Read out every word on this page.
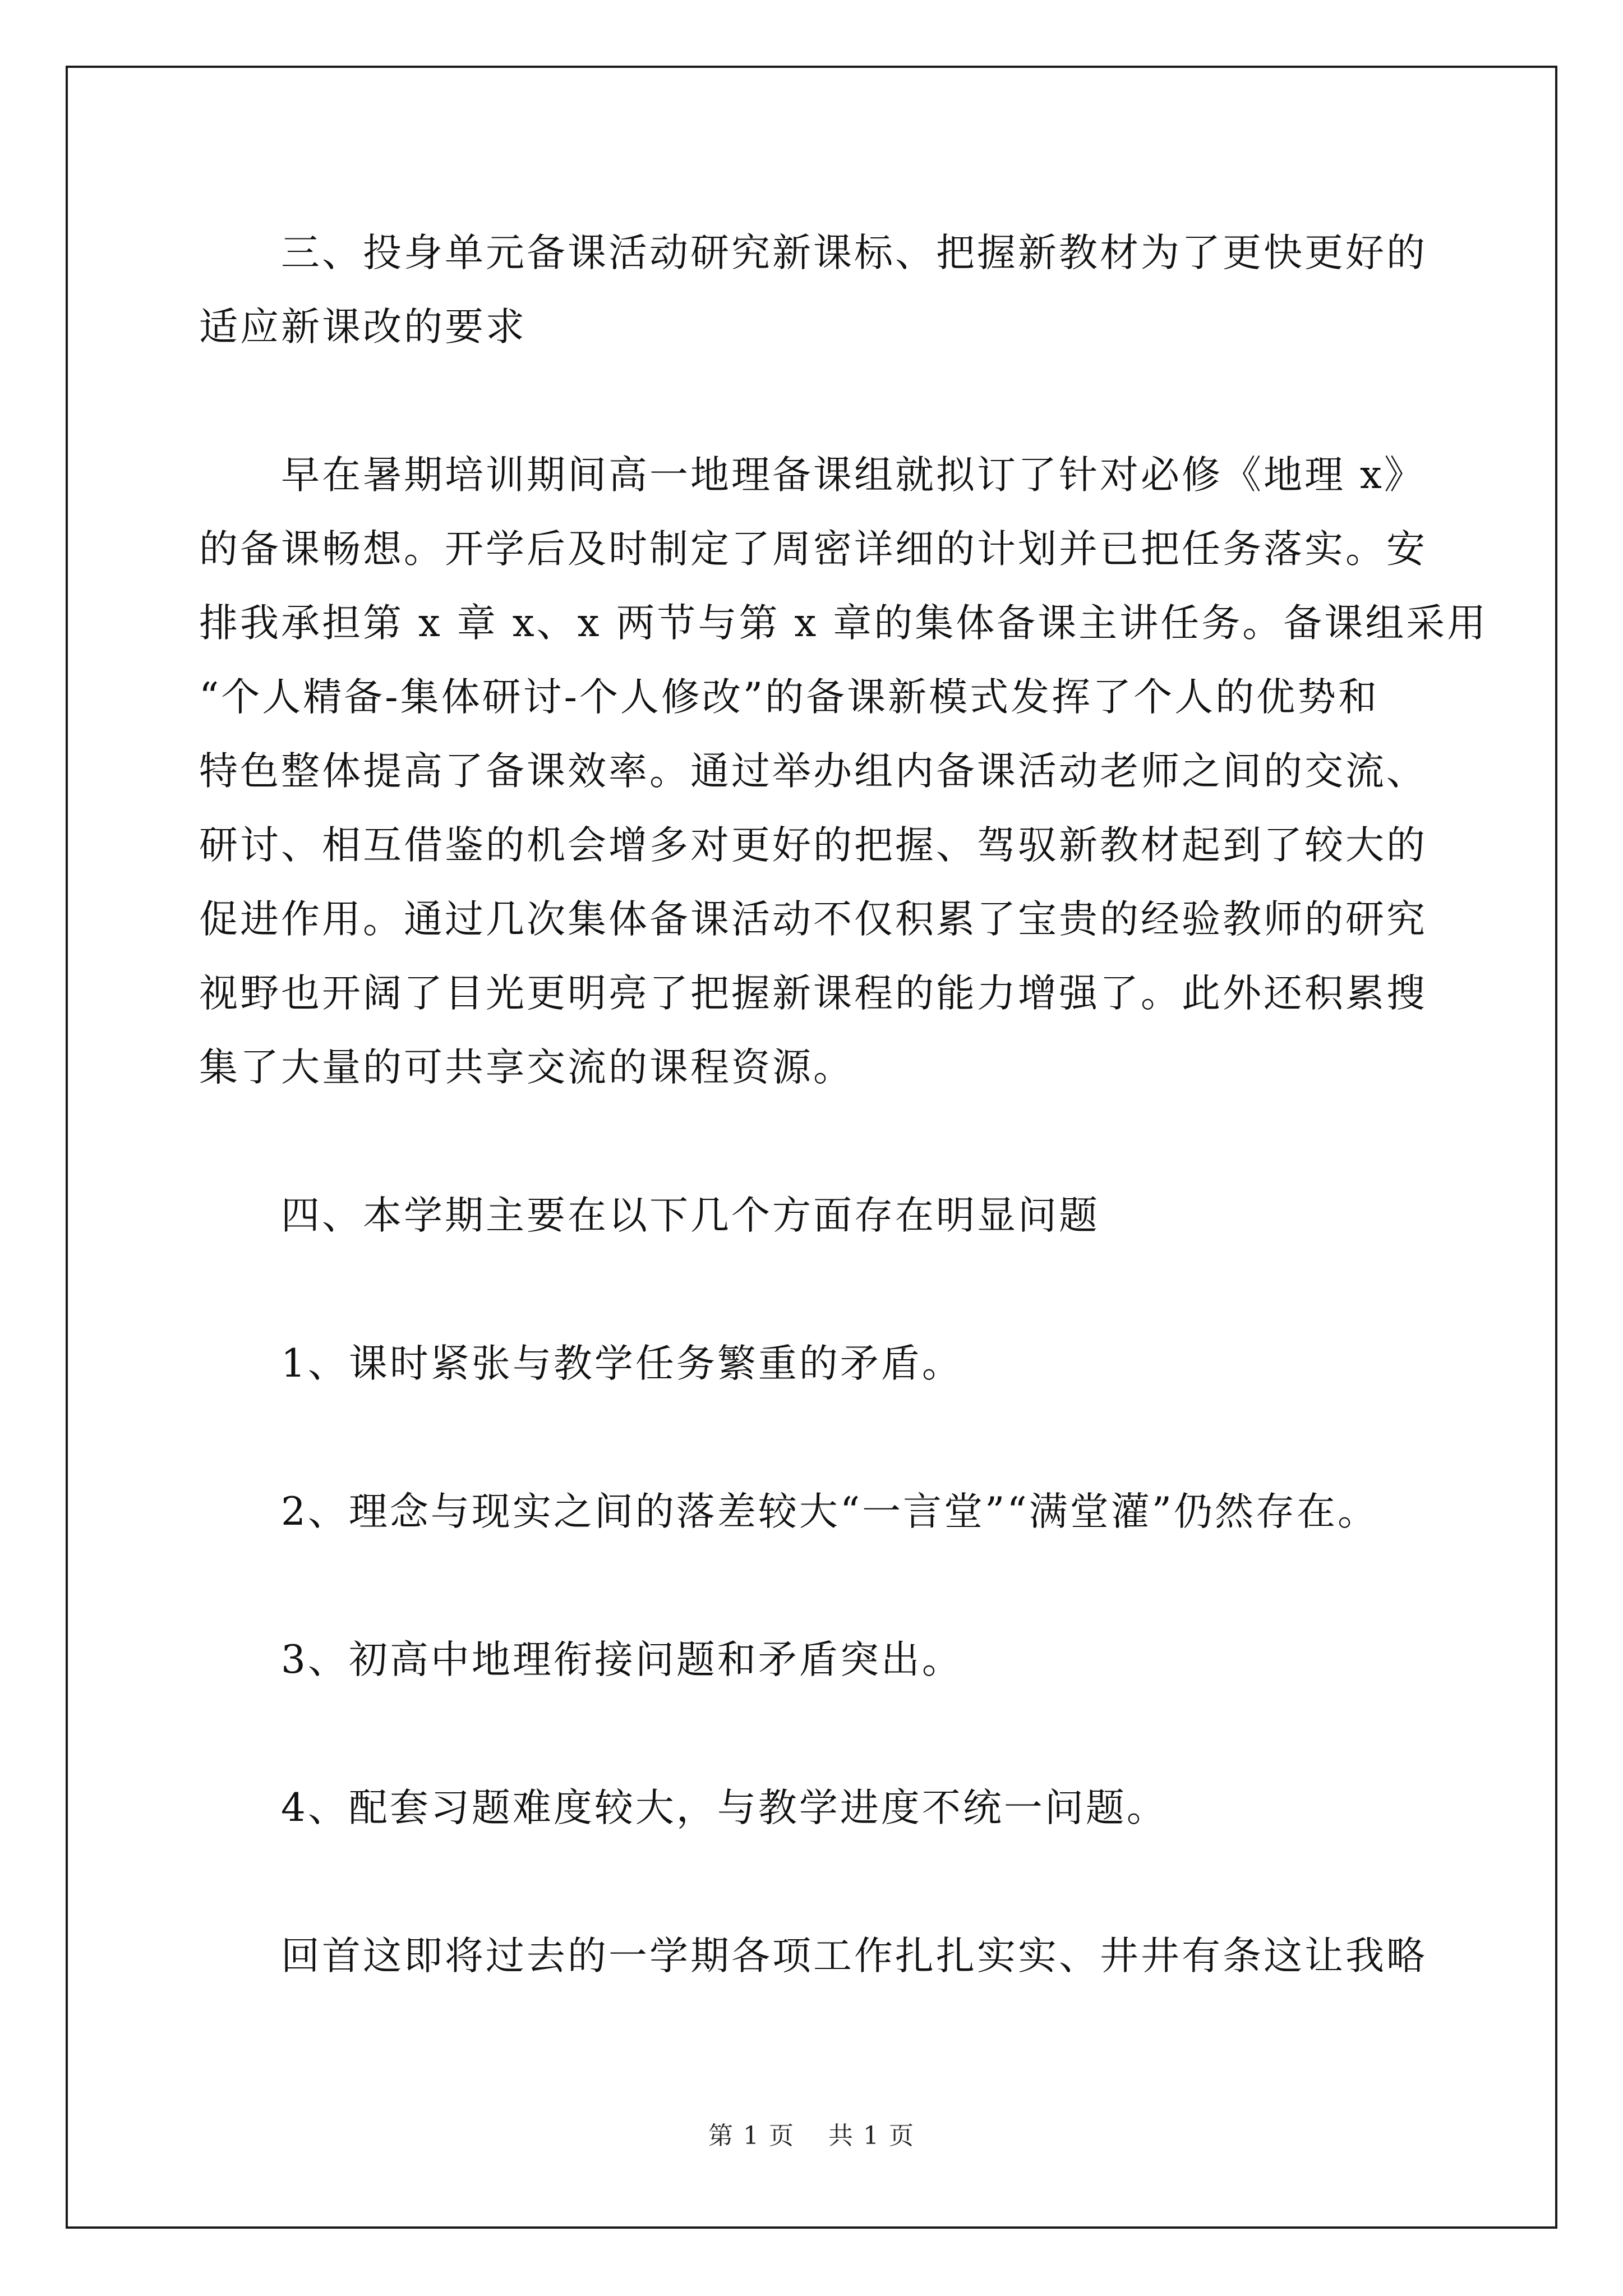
　　三、投身单元备课活动研究新课标、把握新教材为了更快更好的
适应新课改的要求

　　早在暑期培训期间高一地理备课组就拟订了针对必修《地理 x》
的备课畅想。开学后及时制定了周密详细的计划并已把任务落实。安
排我承担第 x 章 x、x 两节与第 x 章的集体备课主讲任务。备课组采用
“个人精备-集体研讨-个人修改”的备课新模式发挥了个人的优势和
特色整体提高了备课效率。通过举办组内备课活动老师之间的交流、
研讨、相互借鉴的机会增多对更好的把握、驾驭新教材起到了较大的
促进作用。通过几次集体备课活动不仅积累了宝贵的经验教师的研究
视野也开阔了目光更明亮了把握新课程的能力增强了。此外还积累搜
集了大量的可共享交流的课程资源。

　　四、本学期主要在以下几个方面存在明显问题

　　1、课时紧张与教学任务繁重的矛盾。

　　2、理念与现实之间的落差较大“一言堂”“满堂灌”仍然存在。

　　3、初高中地理衔接问题和矛盾突出。

　　4、配套习题难度较大，与教学进度不统一问题。

　　回首这即将过去的一学期各项工作扎扎实实、井井有条这让我略

第 1 页 共 1 页
